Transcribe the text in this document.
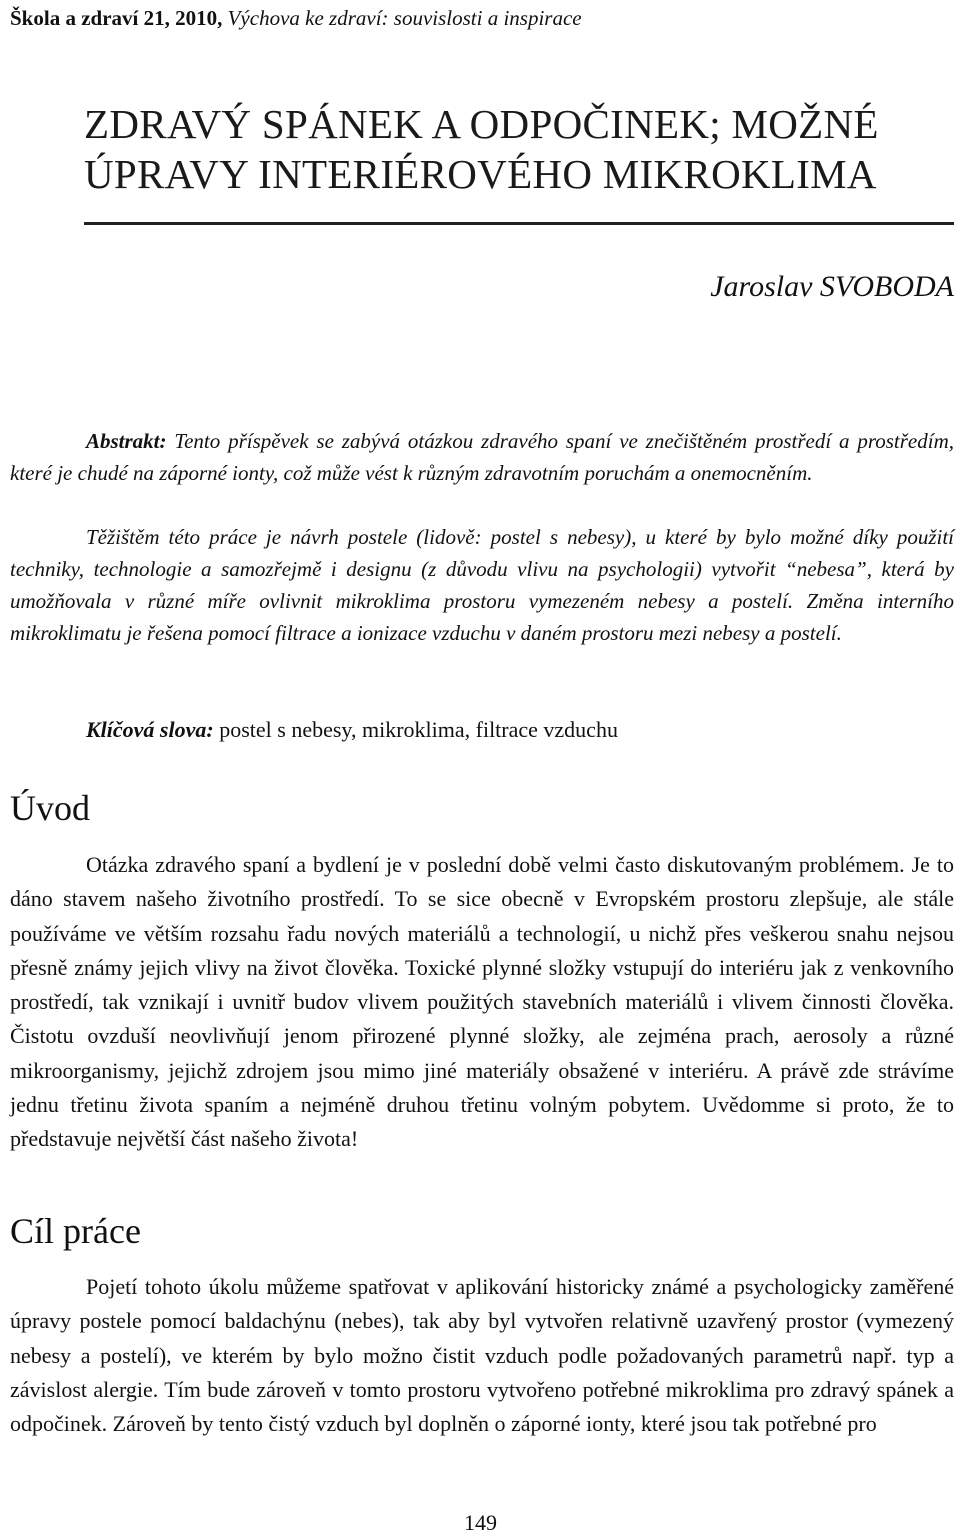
Škola a zdraví 21, 2010, Výchova ke zdraví: souvislosti a inspirace
ZDRAVÝ SPÁNEK A ODPOČINEK; MOŽNÉ
ÚPRAVY INTERIÉROVÉHO MIKROKLIMA
Jaroslav SVOBODA
Abstrakt: Tento příspěvek se zabývá otázkou zdravého spaní ve znečištěném prostředí a prostředím, které je chudé na záporné ionty, což může vést k různým zdravotním poruchám a onemocněním.
Těžištěm této práce je návrh postele (lidově: postel s nebesy), u které by bylo možné díky použití techniky, technologie a samozřejmě i designu (z důvodu vlivu na psychologii) vytvořit “nebesa”, která by umožňovala v různé míře ovlivnit mikroklima prostoru vymezeném nebesy a postelí. Změna interního mikroklimatu je řešena pomocí filtrace a ionizace vzduchu v daném prostoru mezi nebesy a postelí.
Klíčová slova: postel s nebesy, mikroklima, filtrace vzduchu
Úvod
Otázka zdravého spaní a bydlení je v poslední době velmi často diskutovaným problémem. Je to dáno stavem našeho životního prostředí. To se sice obecně v Evropském prostoru zlepšuje, ale stále používáme ve větším rozsahu řadu nových materiálů a technologií, u nichž přes veškerou snahu nejsou přesně známy jejich vlivy na život člověka. Toxické plynné složky vstupují do interiéru jak z venkovního prostředí, tak vznikají i uvnitř budov vlivem použitých stavebních materiálů i vlivem činnosti člověka. Čistotu ovzduší neovlivňují jenom přirozené plynné složky, ale zejména prach, aerosoly a různé mikroorganismy, jejichž zdrojem jsou mimo jiné materiály obsažené v interiéru. A právě zde strávíme jednu třetinu života spaním a nejméně druhou třetinu volným pobytem. Uvědomme si proto, že to představuje největší část našeho života!
Cíl práce
Pojetí tohoto úkolu můžeme spatřovat v aplikování historicky známé a psychologicky zaměřené úpravy postele pomocí baldachýnu (nebes), tak aby byl vytvořen relativně uzavřený prostor (vymezený nebesy a postelí), ve kterém by bylo možno čistit vzduch podle požadovaných parametrů např. typ a závislost alergie. Tím bude zároveň v tomto prostoru vytvořeno potřebné mikroklima pro zdravý spánek a odpočinek. Zároveň by tento čistý vzduch byl doplněn o záporné ionty, které jsou tak potřebné pro
149
